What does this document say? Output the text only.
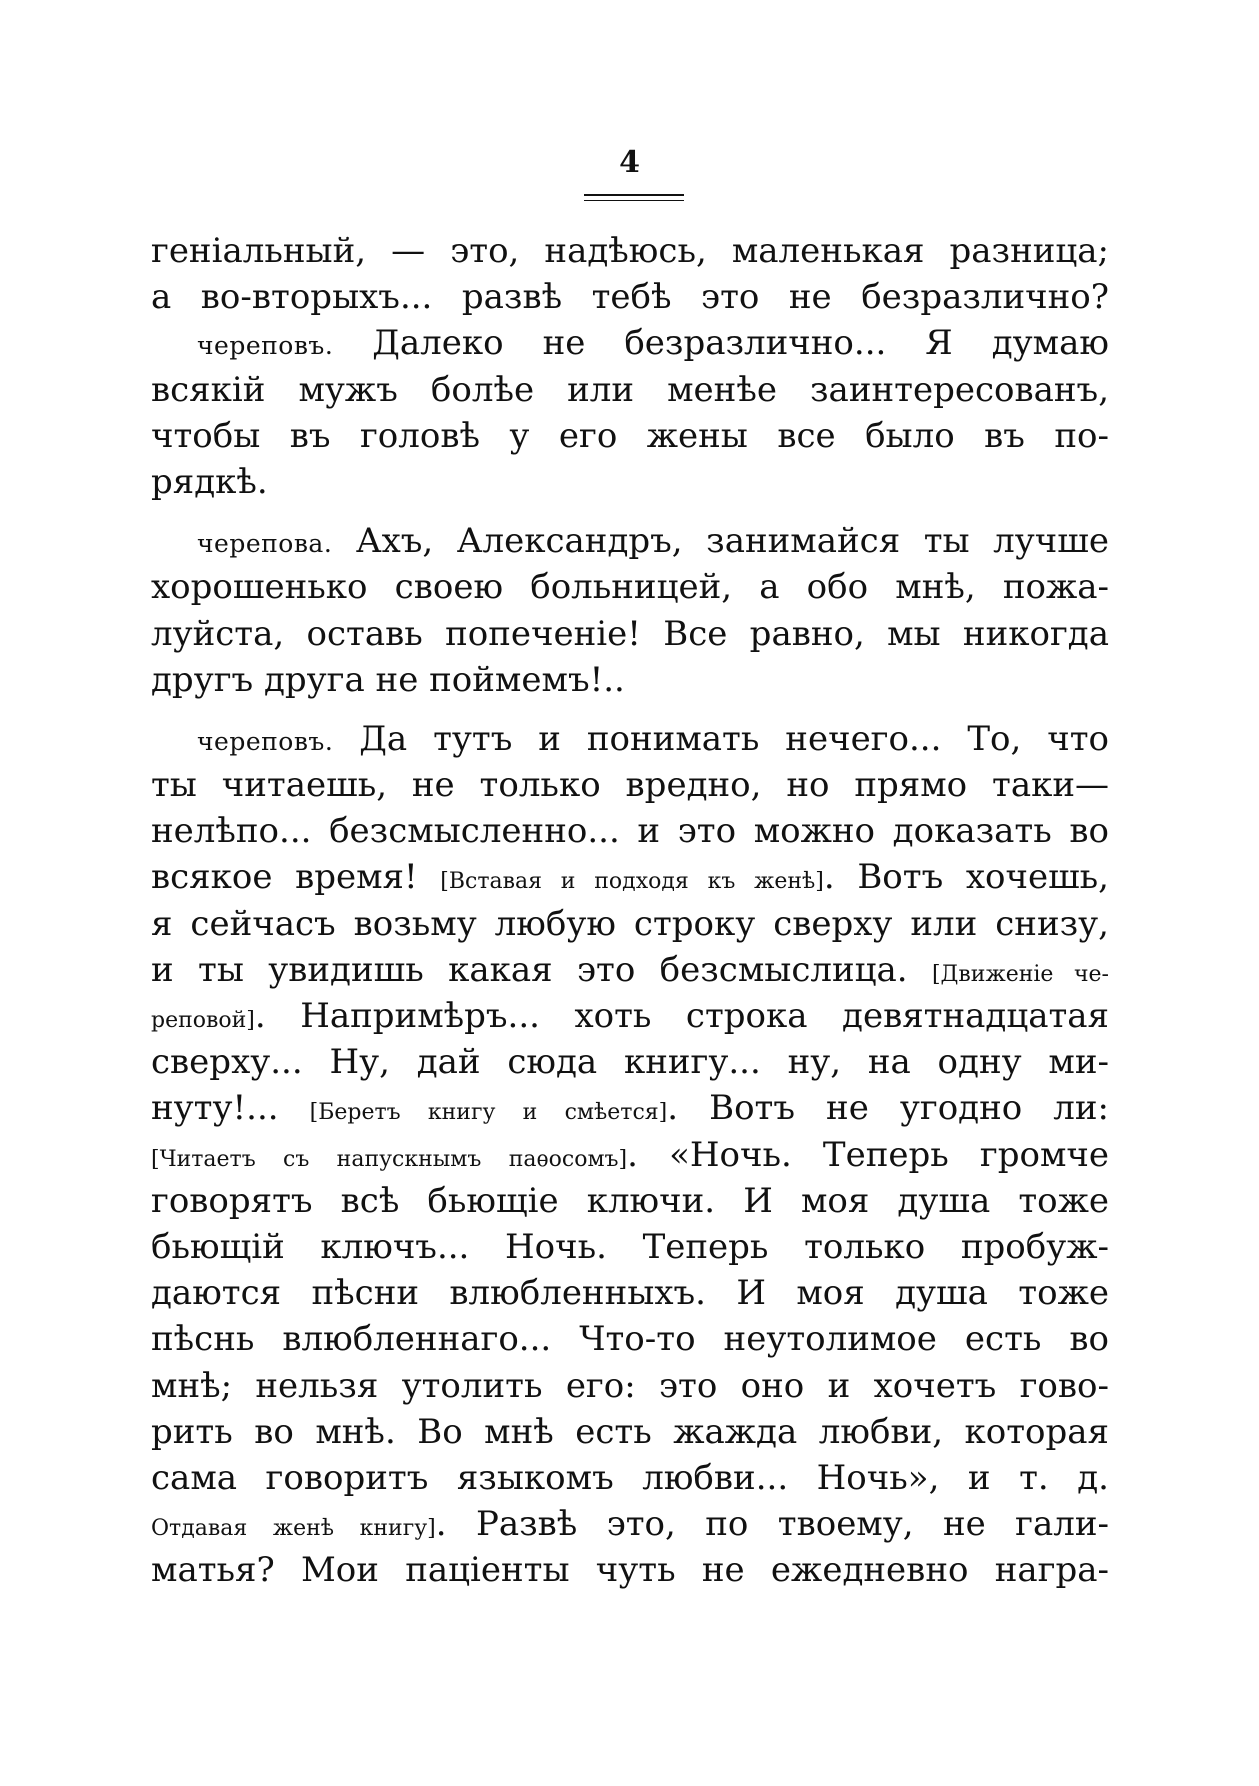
4
геніальный, — это, надѣюсь, маленькая разница;
а во-вторыхъ... развѣ тебѣ это не безразлично?
черeповъ. Далеко не безразлично... Я думаю
всякій мужъ болѣе или менѣе заинтересованъ,
чтобы въ головѣ у его жены все было въ по-
рядкѣ.
черепова. Ахъ, Александръ, занимайся ты лучше
хорошенько своею больницей, а обо мнѣ, пожа-
луйста, оставь попеченіе! Все равно, мы никогда
другъ друга не поймемъ!..
черeповъ. Да тутъ и понимать нечего... То, что
ты читаешь, не только вредно, но прямо таки—
нелѣпо... безсмысленно... и это можно доказать во
всякое время! [Вставая и подходя къ женѣ]. Вотъ хочешь,
я сейчасъ возьму любую строку сверху или снизу,
и ты увидишь какая это безсмыслица. [Движеніе че-
реповой]. Напримѣръ... хоть строка девятнадцатая
сверху... Ну, дай сюда книгу... ну, на одну ми-
нуту!... [Беретъ книгу и смѣется]. Вотъ не угодно ли:
[Читаетъ съ напускнымъ паѳосомъ]. «Ночь. Теперь громче
говорятъ всѣ бьющіе ключи. И моя душа тоже
бьющій ключъ... Ночь. Теперь только пробуж-
даются пѣсни влюбленныхъ. И моя душа тоже
пѣснь влюбленнаго... Что-то неутолимое есть во
мнѣ; нельзя утолить его: это оно и хочетъ гово-
рить во мнѣ. Во мнѣ есть жажда любви, которая
сама говоритъ языкомъ любви... Ночь», и т. д.
Отдавая женѣ книгу]. Развѣ это, по твоему, не гали-
матья? Мои паціенты чуть не ежедневно награ-
